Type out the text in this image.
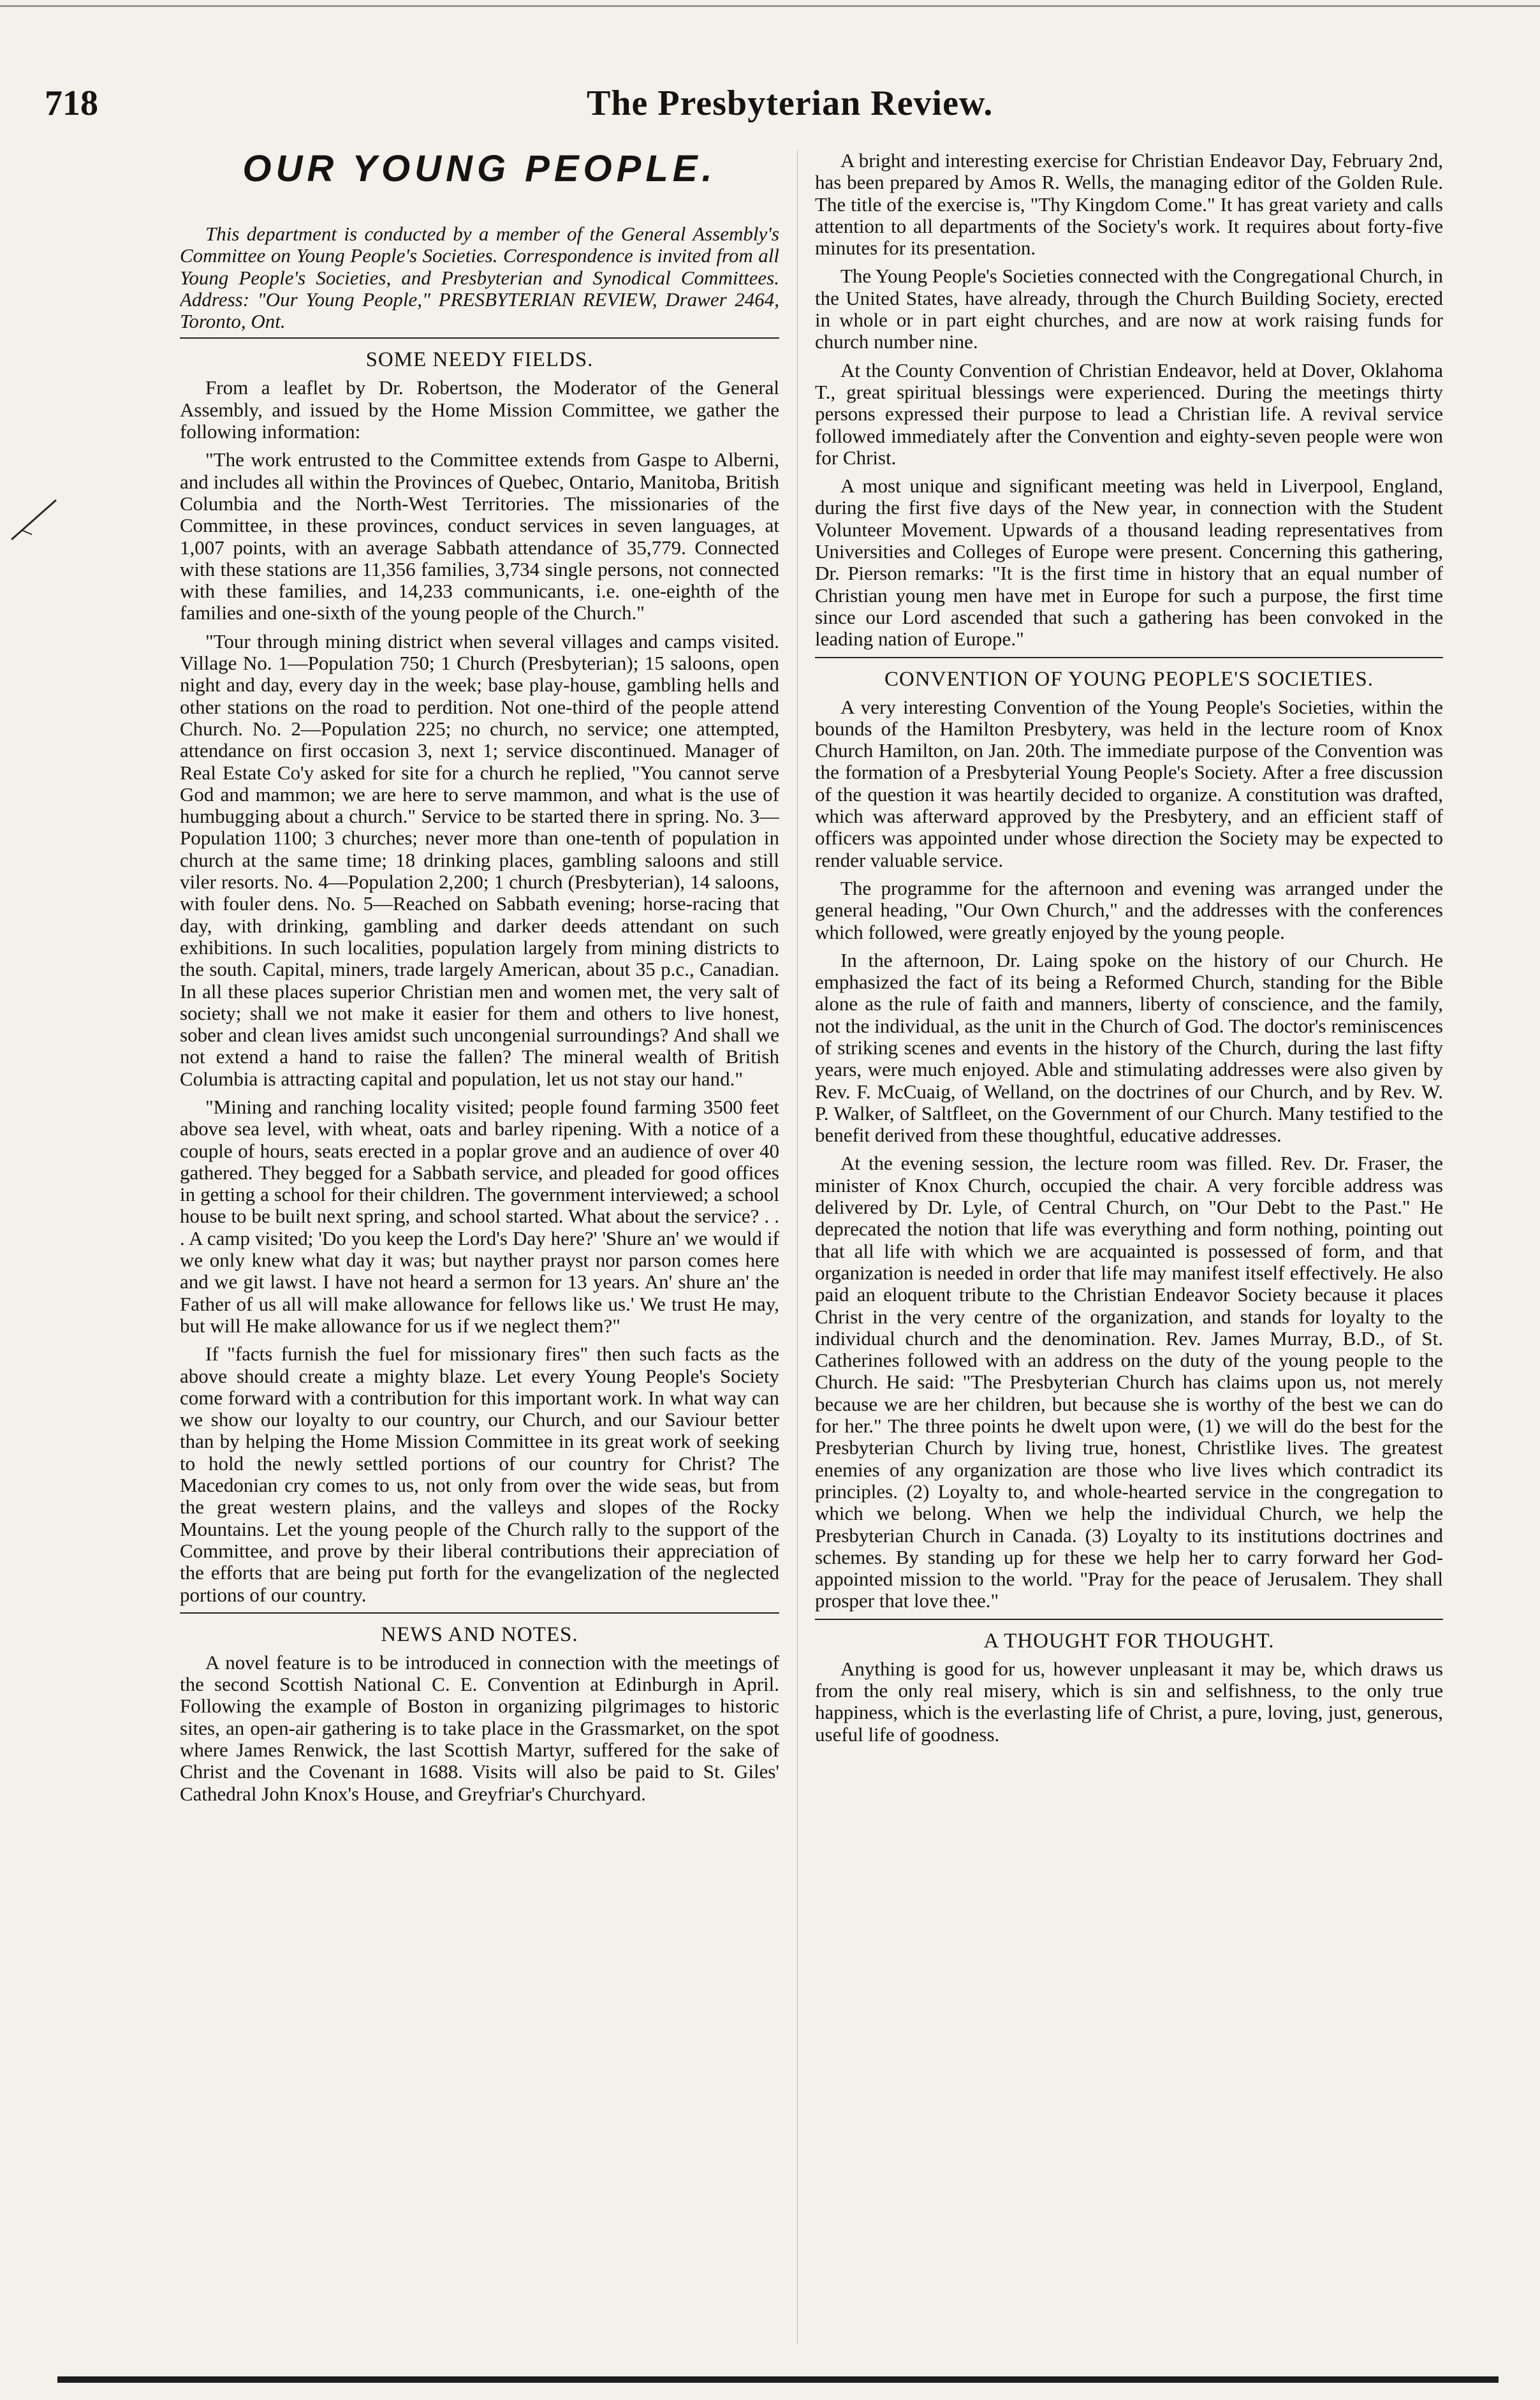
718	The Presbyterian Review.
OUR YOUNG PEOPLE.

This department is conducted by a member of the General Assembly's Committee on Young People's Societies. Correspondence is invited from all Young People's Societies, and Presbyterian and Synodical Committees. Address: "Our Young People," PRESBYTERIAN REVIEW, Drawer 2464, Toronto, Ont.

SOME NEEDY FIELDS.

From a leaflet by Dr. Robertson, the Moderator of the General Assembly, and issued by the Home Mission Committee, we gather the following information:

"The work entrusted to the Committee extends from Gaspe to Alberni, and includes all within the Provinces of Quebec, Ontario, Manitoba, British Columbia and the North-West Territories. The missionaries of the Committee, in these provinces, conduct services in seven languages, at 1,007 points, with an average Sabbath attendance of 35,779. Connected with these stations are 11,356 families, 3,734 single persons, not connected with these families, and 14,233 communicants, i.e. one-eighth of the families and one-sixth of the young people of the Church."

"Tour through mining district when several villages and camps visited. Village No. 1—Population 750; 1 Church (Presbyterian); 15 saloons, open night and day, every day in the week; base play-house, gambling hells and other stations on the road to perdition. Not one-third of the people attend Church. No. 2—Population 225; no church, no service; one attempted, attendance on first occasion 3, next 1; service discontinued. Manager of Real Estate Co'y asked for site for a church he replied, "You cannot serve God and mammon; we are here to serve mammon, and what is the use of humbugging about a church." Service to be started there in spring. No. 3—Population 1100; 3 churches; never more than one-tenth of population in church at the same time; 18 drinking places, gambling saloons and still viler resorts. No. 4—Population 2,200; 1 church (Presbyterian), 14 saloons, with fouler dens. No. 5—Reached on Sabbath evening; horse-racing that day, with drinking, gambling and darker deeds attendant on such exhibitions. In such localities, population largely from mining districts to the south. Capital, miners, trade largely American, about 35 p.c., Canadian. In all these places superior Christian men and women met, the very salt of society; shall we not make it easier for them and others to live honest, sober and clean lives amidst such uncongenial surroundings? And shall we not extend a hand to raise the fallen? The mineral wealth of British Columbia is attracting capital and population, let us not stay our hand."

"Mining and ranching locality visited; people found farming 3500 feet above sea level, with wheat, oats and barley ripening. With a notice of a couple of hours, seats erected in a poplar grove and an audience of over 40 gathered. They begged for a Sabbath service, and pleaded for good offices in getting a school for their children. The government interviewed; a school house to be built next spring, and school started. What about the service? . . . A camp visited; 'Do you keep the Lord's Day here?' 'Shure an' we would if we only knew what day it was; but nayther prayst nor parson comes here and we git lawst. I have not heard a sermon for 13 years. An' shure an' the Father of us all will make allowance for fellows like us.' We trust He may, but will He make allowance for us if we neglect them?"

If "facts furnish the fuel for missionary fires" then such facts as the above should create a mighty blaze. Let every Young People's Society come forward with a contribution for this important work. In what way can we show our loyalty to our country, our Church, and our Saviour better than by helping the Home Mission Committee in its great work of seeking to hold the newly settled portions of our country for Christ? The Macedonian cry comes to us, not only from over the wide seas, but from the great western plains, and the valleys and slopes of the Rocky Mountains. Let the young people of the Church rally to the support of the Committee, and prove by their liberal contributions their appreciation of the efforts that are being put forth for the evangelization of the neglected portions of our country.

NEWS AND NOTES.

A novel feature is to be introduced in connection with the meetings of the second Scottish National C. E. Convention at Edinburgh in April. Following the example of Boston in organizing pilgrimages to historic sites, an open-air gathering is to take place in the Grassmarket, on the spot where James Renwick, the last Scottish Martyr, suffered for the sake of Christ and the Covenant in 1688. Visits will also be paid to St. Giles' Cathedral John Knox's House, and Greyfriar's Churchyard.

A bright and interesting exercise for Christian Endeavor Day, February 2nd, has been prepared by Amos R. Wells, the managing editor of the Golden Rule. The title of the exercise is, "Thy Kingdom Come." It has great variety and calls attention to all departments of the Society's work. It requires about forty-five minutes for its presentation.

The Young People's Societies connected with the Congregational Church, in the United States, have already, through the Church Building Society, erected in whole or in part eight churches, and are now at work raising funds for church number nine.

At the County Convention of Christian Endeavor, held at Dover, Oklahoma T., great spiritual blessings were experienced. During the meetings thirty persons expressed their purpose to lead a Christian life. A revival service followed immediately after the Convention and eighty-seven people were won for Christ.

A most unique and significant meeting was held in Liverpool, England, during the first five days of the New year, in connection with the Student Volunteer Movement. Upwards of a thousand leading representatives from Universities and Colleges of Europe were present. Concerning this gathering, Dr. Pierson remarks: "It is the first time in history that an equal number of Christian young men have met in Europe for such a purpose, the first time since our Lord ascended that such a gathering has been convoked in the leading nation of Europe."

CONVENTION OF YOUNG PEOPLE'S SOCIETIES.

A very interesting Convention of the Young People's Societies, within the bounds of the Hamilton Presbytery, was held in the lecture room of Knox Church Hamilton, on Jan. 20th. The immediate purpose of the Convention was the formation of a Presbyterial Young People's Society. After a free discussion of the question it was heartily decided to organize. A constitution was drafted, which was afterward approved by the Presbytery, and an efficient staff of officers was appointed under whose direction the Society may be expected to render valuable service.

The programme for the afternoon and evening was arranged under the general heading, "Our Own Church," and the addresses with the conferences which followed, were greatly enjoyed by the young people.

In the afternoon, Dr. Laing spoke on the history of our Church. He emphasized the fact of its being a Reformed Church, standing for the Bible alone as the rule of faith and manners, liberty of conscience, and the family, not the individual, as the unit in the Church of God. The doctor's reminiscences of striking scenes and events in the history of the Church, during the last fifty years, were much enjoyed. Able and stimulating addresses were also given by Rev. F. McCuaig, of Welland, on the doctrines of our Church, and by Rev. W. P. Walker, of Saltfleet, on the Government of our Church. Many testified to the benefit derived from these thoughtful, educative addresses.

At the evening session, the lecture room was filled. Rev. Dr. Fraser, the minister of Knox Church, occupied the chair. A very forcible address was delivered by Dr. Lyle, of Central Church, on "Our Debt to the Past." He deprecated the notion that life was everything and form nothing, pointing out that all life with which we are acquainted is possessed of form, and that organization is needed in order that life may manifest itself effectively. He also paid an eloquent tribute to the Christian Endeavor Society because it places Christ in the very centre of the organization, and stands for loyalty to the individual church and the denomination. Rev. James Murray, B.D., of St. Catherines followed with an address on the duty of the young people to the Church. He said: "The Presbyterian Church has claims upon us, not merely because we are her children, but because she is worthy of the best we can do for her." The three points he dwelt upon were, (1) we will do the best for the Presbyterian Church by living true, honest, Christlike lives. The greatest enemies of any organization are those who live lives which contradict its principles. (2) Loyalty to, and whole-hearted service in the congregation to which we belong. When we help the individual Church, we help the Presbyterian Church in Canada. (3) Loyalty to its institutions doctrines and schemes. By standing up for these we help her to carry forward her God-appointed mission to the world. "Pray for the peace of Jerusalem. They shall prosper that love thee."

A THOUGHT FOR THOUGHT.

Anything is good for us, however unpleasant it may be, which draws us from the only real misery, which is sin and selfishness, to the only true happiness, which is the everlasting life of Christ, a pure, loving, just, generous, useful life of goodness.
